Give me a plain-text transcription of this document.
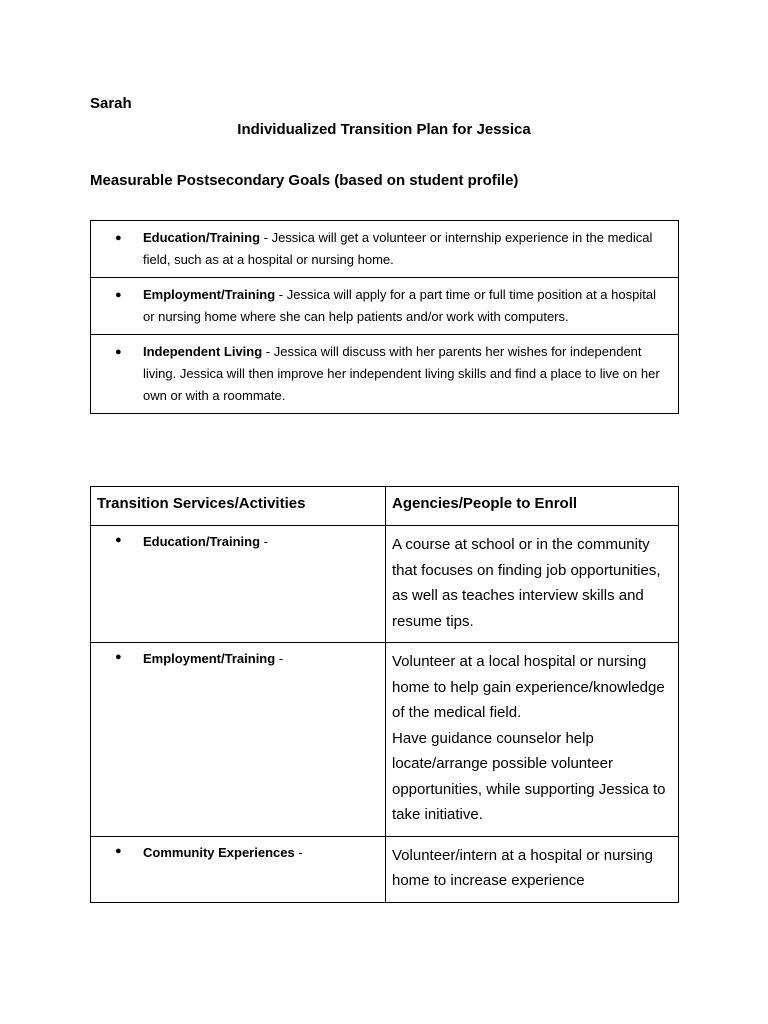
Sarah
Individualized Transition Plan for Jessica
Measurable Postsecondary Goals (based on student profile)
● Education/Training - Jessica will get a volunteer or internship experience in the medical field, such as at a hospital or nursing home.

● Employment/Training - Jessica will apply for a part time or full time position at a hospital or nursing home where she can help patients and/or work with computers.

● Independent Living - Jessica will discuss with her parents her wishes for independent living. Jessica will then improve her independent living skills and find a place to live on her own or with a roommate.
Transition Services/Activities	Agencies/People to Enroll

● Education/Training -	A course at school or in the community that focuses on finding job opportunities, as well as teaches interview skills and resume tips.

● Employment/Training -	Volunteer at a local hospital or nursing home to help gain experience/knowledge of the medical field.
Have guidance counselor help locate/arrange possible volunteer opportunities, while supporting Jessica to take initiative.

● Community Experiences -	Volunteer/intern at a hospital or nursing home to increase experience
